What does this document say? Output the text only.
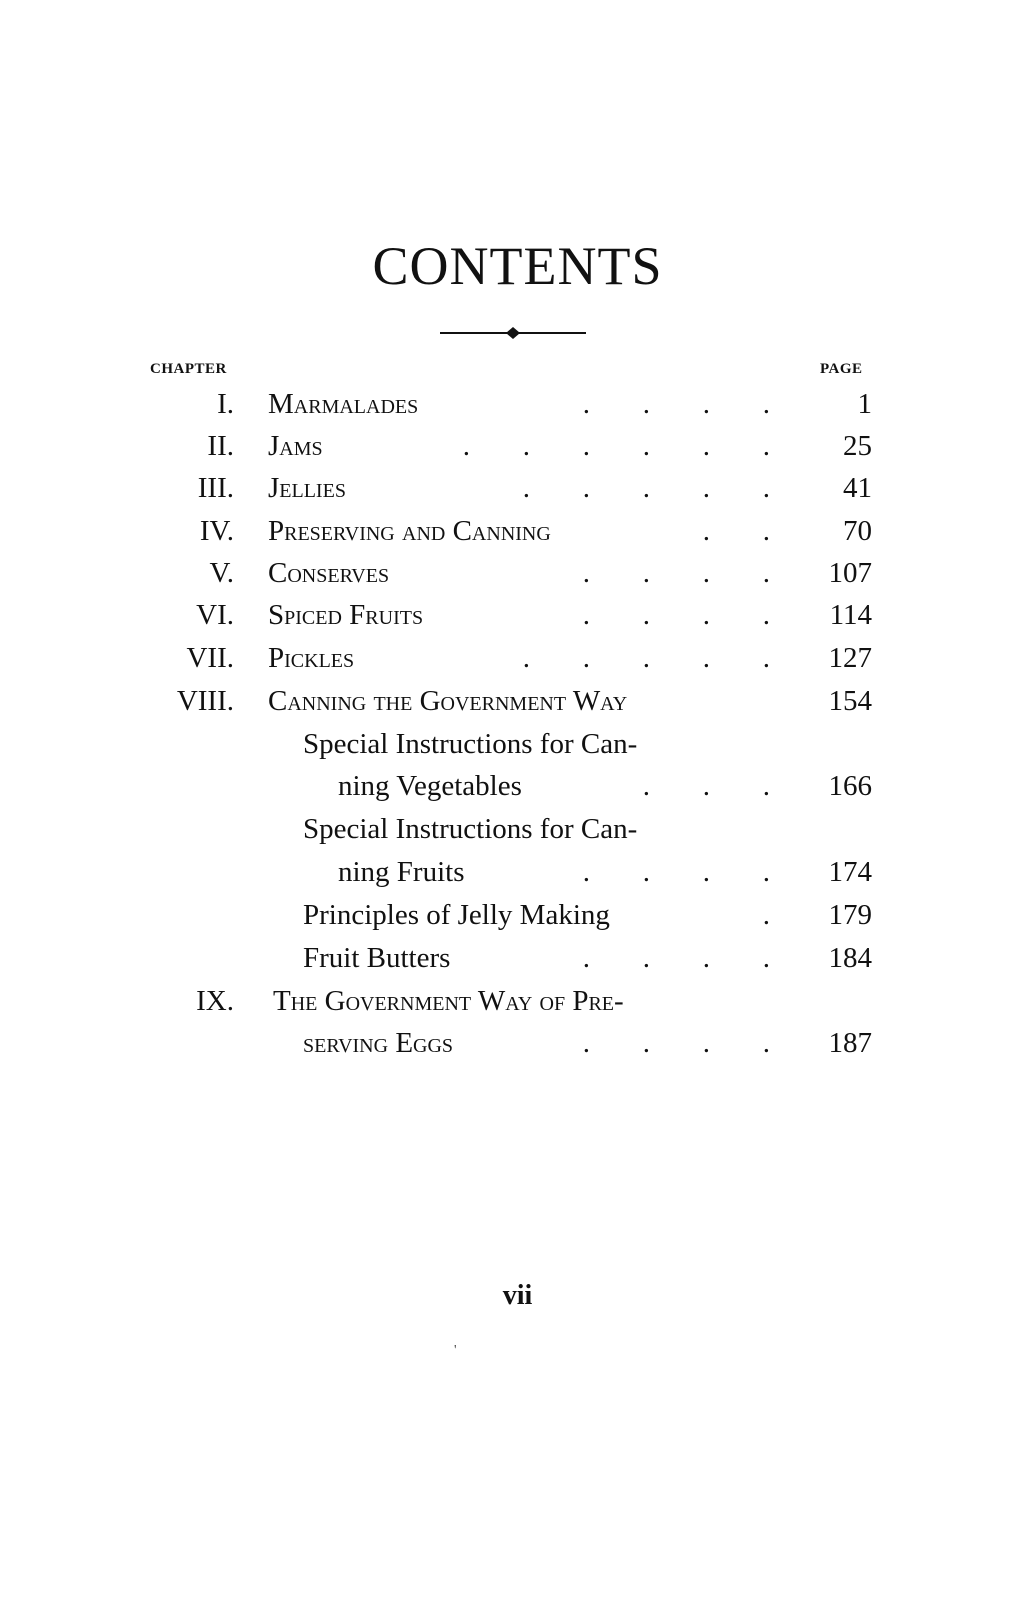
CONTENTS
CHAPTER	PAGE
I. Marmalades	. . . .	1
II. Jams	. . . . . .	25
III. Jellies	. . . . .	41
IV. Preserving and Canning	. .	70
V. Conserves	. . . .	107
VI. Spiced Fruits	. . . .	114
VII. Pickles	. . . . .	127
VIII. Canning the Government Way	154
Special Instructions for Can-
ning Vegetables	. . .	166
Special Instructions for Can-
ning Fruits	. . . .	174
Principles of Jelly Making	.	179
Fruit Butters	. . . .	184
IX. The Government Way of Pre-
serving Eggs	. . . .	187
vii
'
